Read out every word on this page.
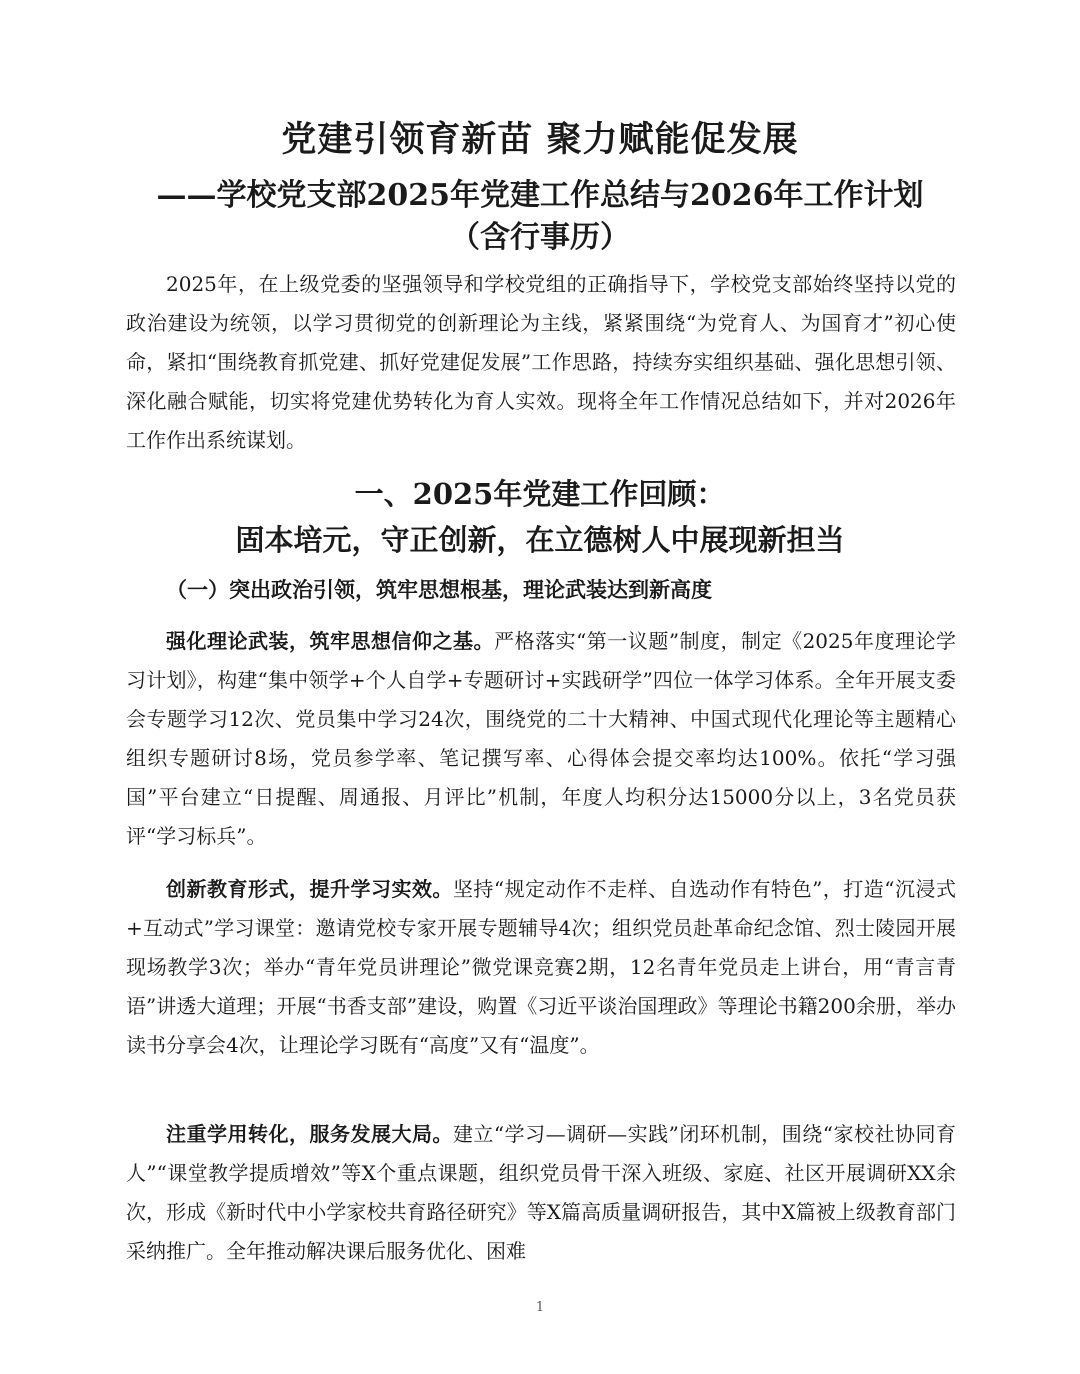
党建引领育新苗 聚力赋能促发展
——学校党支部2025年党建工作总结与2026年工作计划
（含行事历）

2025年，在上级党委的坚强领导和学校党组的正确指导下，学校党支部始终坚持以党的政治建设为统领，以学习贯彻党的创新理论为主线，紧紧围绕“为党育人、为国育才”初心使命，紧扣“围绕教育抓党建、抓好党建促发展”工作思路，持续夯实组织基础、强化思想引领、深化融合赋能，切实将党建优势转化为育人实效。现将全年工作情况总结如下，并对2026年工作作出系统谋划。

一、2025年党建工作回顾：
固本培元，守正创新，在立德树人中展现新担当
（一）突出政治引领，筑牢思想根基，理论武装达到新高度

强化理论武装，筑牢思想信仰之基。严格落实“第一议题”制度，制定《2025年度理论学习计划》，构建“集中领学+个人自学+专题研讨+实践研学”四位一体学习体系。全年开展支委会专题学习12次、党员集中学习24次，围绕党的二十大精神、中国式现代化理论等主题精心组织专题研讨8场，党员参学率、笔记撰写率、心得体会提交率均达100%。依托“学习强国”平台建立“日提醒、周通报、月评比”机制，年度人均积分达15000分以上，3名党员获评“学习标兵”。

创新教育形式，提升学习实效。坚持“规定动作不走样、自选动作有特色”，打造“沉浸式+互动式”学习课堂：邀请党校专家开展专题辅导4次；组织党员赴革命纪念馆、烈士陵园开展现场教学3次；举办“青年党员讲理论”微党课竞赛2期，12名青年党员走上讲台，用“青言青语”讲透大道理；开展“书香支部”建设，购置《习近平谈治国理政》等理论书籍200余册，举办读书分享会4次，让理论学习既有“高度”又有“温度”。

注重学用转化，服务发展大局。建立“学习—调研—实践”闭环机制，围绕“家校社协同育人”“课堂教学提质增效”等X个重点课题，组织党员骨干深入班级、家庭、社区开展调研XX余次，形成《新时代中小学家校共育路径研究》等X篇高质量调研报告，其中X篇被上级教育部门采纳推广。全年推动解决课后服务优化、困难

1
